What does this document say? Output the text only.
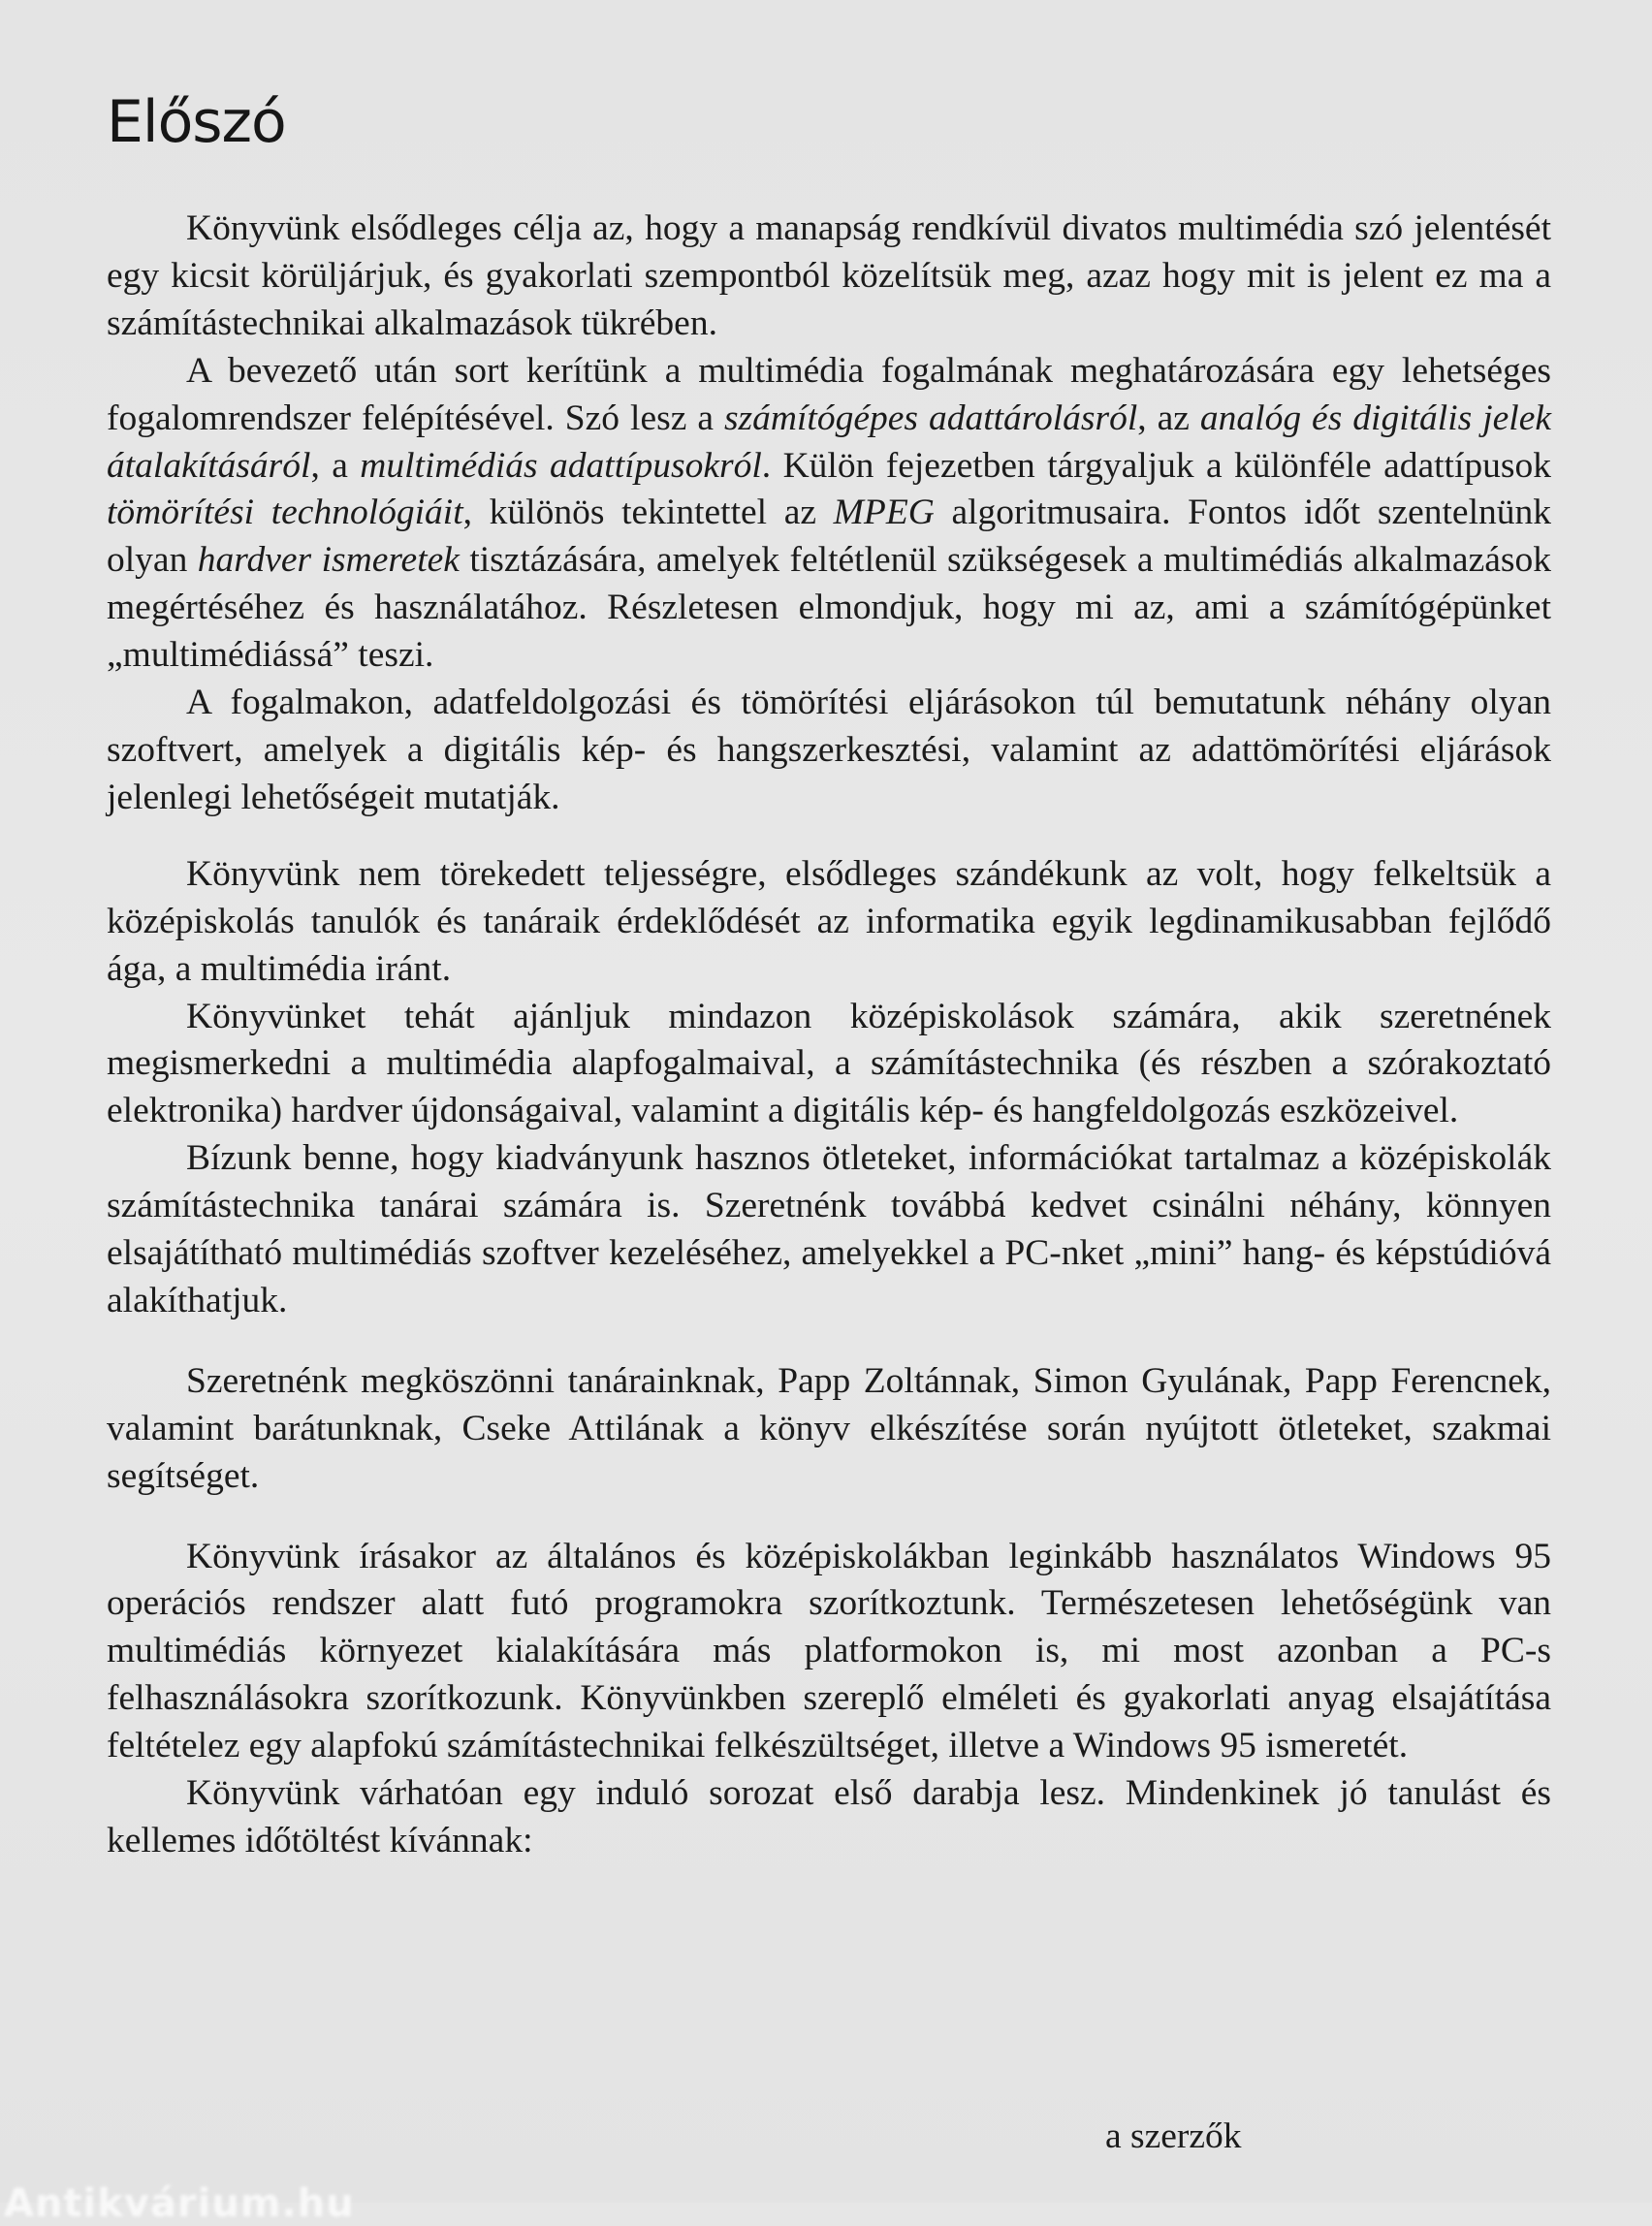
Előszó

Könyvünk elsődleges célja az, hogy a manapság rendkívül divatos multimédia szó jelentését egy kicsit körüljárjuk, és gyakorlati szempontból közelítsük meg, azaz hogy mit is jelent ez ma a számítástechnikai alkalmazások tükrében.

A bevezető után sort kerítünk a multimédia fogalmának meghatározására egy lehetséges fogalomrendszer felépítésével. Szó lesz a számítógépes adattárolásról, az analóg és digitális jelek átalakításáról, a multimédiás adattípusokról. Külön fejezetben tárgyaljuk a különféle adattípusok tömörítési technológiáit, különös tekintettel az MPEG algoritmusaira. Fontos időt szentelnünk olyan hardver ismeretek tisztázására, amelyek feltétlenül szükségesek a multimédiás alkalmazások megértéséhez és használatához. Részletesen elmondjuk, hogy mi az, ami a számítógépünket „multimédiássá” teszi.

A fogalmakon, adatfeldolgozási és tömörítési eljárásokon túl bemutatunk néhány olyan szoftvert, amelyek a digitális kép- és hangszerkesztési, valamint az adattömörítési eljárások jelenlegi lehetőségeit mutatják.

Könyvünk nem törekedett teljességre, elsődleges szándékunk az volt, hogy felkeltsük a középiskolás tanulók és tanáraik érdeklődését az informatika egyik legdinamikusabban fejlődő ága, a multimédia iránt.

Könyvünket tehát ajánljuk mindazon középiskolások számára, akik szeretnének megismerkedni a multimédia alapfogalmaival, a számítástechnika (és részben a szórakoztató elektronika) hardver újdonságaival, valamint a digitális kép- és hangfeldolgozás eszközeivel.

Bízunk benne, hogy kiadványunk hasznos ötleteket, információkat tartalmaz a középiskolák számítástechnika tanárai számára is. Szeretnénk továbbá kedvet csinálni néhány, könnyen elsajátítható multimédiás szoftver kezeléséhez, amelyekkel a PC-nket „mini” hang- és képstúdióvá alakíthatjuk.

Szeretnénk megköszönni tanárainknak, Papp Zoltánnak, Simon Gyulának, Papp Ferencnek, valamint barátunknak, Cseke Attilának a könyv elkészítése során nyújtott ötleteket, szakmai segítséget.

Könyvünk írásakor az általános és középiskolákban leginkább használatos Windows 95 operációs rendszer alatt futó programokra szorítkoztunk. Természetesen lehetőségünk van multimédiás környezet kialakítására más platformokon is, mi most azonban a PC-s felhasználásokra szorítkozunk. Könyvünkben szereplő elméleti és gyakorlati anyag elsajátítása feltételez egy alapfokú számítástechnikai felkészültséget, illetve a Windows 95 ismeretét.

Könyvünk várhatóan egy induló sorozat első darabja lesz. Mindenkinek jó tanulást és kellemes időtöltést kívánnak:

a szerzők
Antikvárium.hu
